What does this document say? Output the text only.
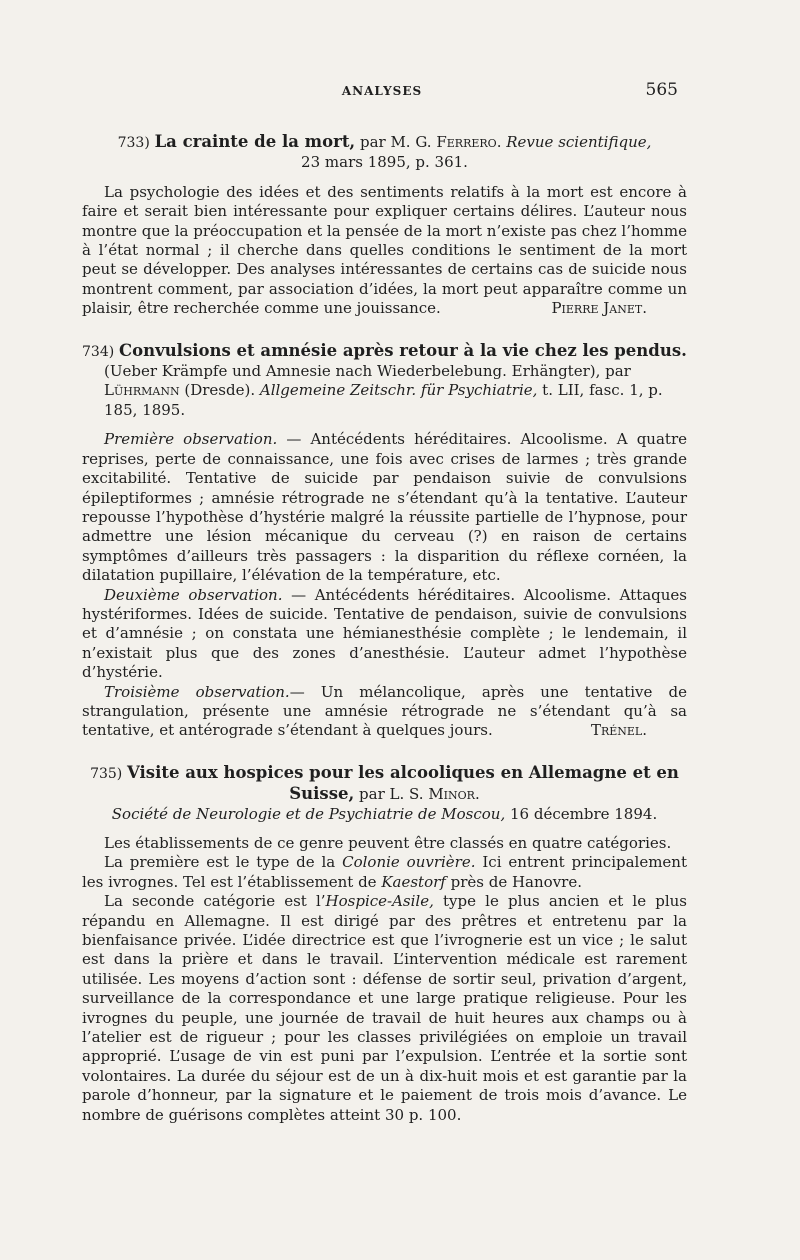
ANALYSES	565
733) La crainte de la mort, par M. G. Ferrero. Revue scientifique,
23 mars 1895, p. 361.

La psychologie des idées et des sentiments relatifs à la mort est encore à faire et serait bien intéressante pour expliquer certains délires. L’auteur nous montre que la préoccupation et la pensée de la mort n’existe pas chez l’homme à l’état normal ; il cherche dans quelles conditions le sentiment de la mort peut se développer. Des analyses intéressantes de certains cas de suicide nous montrent comment, par association d’idées, la mort peut apparaître comme un plaisir, être recherchée comme une jouissance.	Pierre Janet.

734) Convulsions et amnésie après retour à la vie chez les pendus.
(Ueber Krämpfe und Amnesie nach Wiederbelebung. Erhängter), par Lührmann (Dresde). Allgemeine Zeitschr. für Psychiatrie, t. LII, fasc. 1, p. 185, 1895.

Première observation. — Antécédents héréditaires. Alcoolisme. A quatre reprises, perte de connaissance, une fois avec crises de larmes ; très grande excitabilité. Tentative de suicide par pendaison suivie de convulsions épileptiformes ; amnésie rétrograde ne s’étendant qu’à la tentative. L’auteur repousse l’hypothèse d’hystérie malgré la réussite partielle de l’hypnose, pour admettre une lésion mécanique du cerveau (?) en raison de certains symptômes d’ailleurs très passagers : la disparition du réflexe cornéen, la dilatation pupillaire, l’élévation de la température, etc.

Deuxième observation. — Antécédents héréditaires. Alcoolisme. Attaques hystériformes. Idées de suicide. Tentative de pendaison, suivie de convulsions et d’amnésie ; on constata une hémianesthésie complète ; le lendemain, il n’existait plus que des zones d’anesthésie. L’auteur admet l’hypothèse d’hystérie.

Troisième observation.— Un mélancolique, après une tentative de strangulation, présente une amnésie rétrograde ne s’étendant qu’à sa tentative, et antérograde s’étendant à quelques jours.	Trénel.

735) Visite aux hospices pour les alcooliques en Allemagne et en Suisse, par L. S. Minor.
Société de Neurologie et de Psychiatrie de Moscou, 16 décembre 1894.

Les établissements de ce genre peuvent être classés en quatre catégories.

La première est le type de la Colonie ouvrière. Ici entrent principalement les ivrognes. Tel est l’établissement de Kaestorf près de Hanovre.

La seconde catégorie est l’Hospice-Asile, type le plus ancien et le plus répandu en Allemagne. Il est dirigé par des prêtres et entretenu par la bienfaisance privée. L’idée directrice est que l’ivrognerie est un vice ; le salut est dans la prière et dans le travail. L’intervention médicale est rarement utilisée. Les moyens d’action sont : défense de sortir seul, privation d’argent, surveillance de la correspondance et une large pratique religieuse. Pour les ivrognes du peuple, une journée de travail de huit heures aux champs ou à l’atelier est de rigueur ; pour les classes privilégiées on emploie un travail approprié. L’usage de vin est puni par l’expulsion. L’entrée et la sortie sont volontaires. La durée du séjour est de un à dix-huit mois et est garantie par la parole d’honneur, par la signature et le paiement de trois mois d’avance. Le nombre de guérisons complètes atteint 30 p. 100.
